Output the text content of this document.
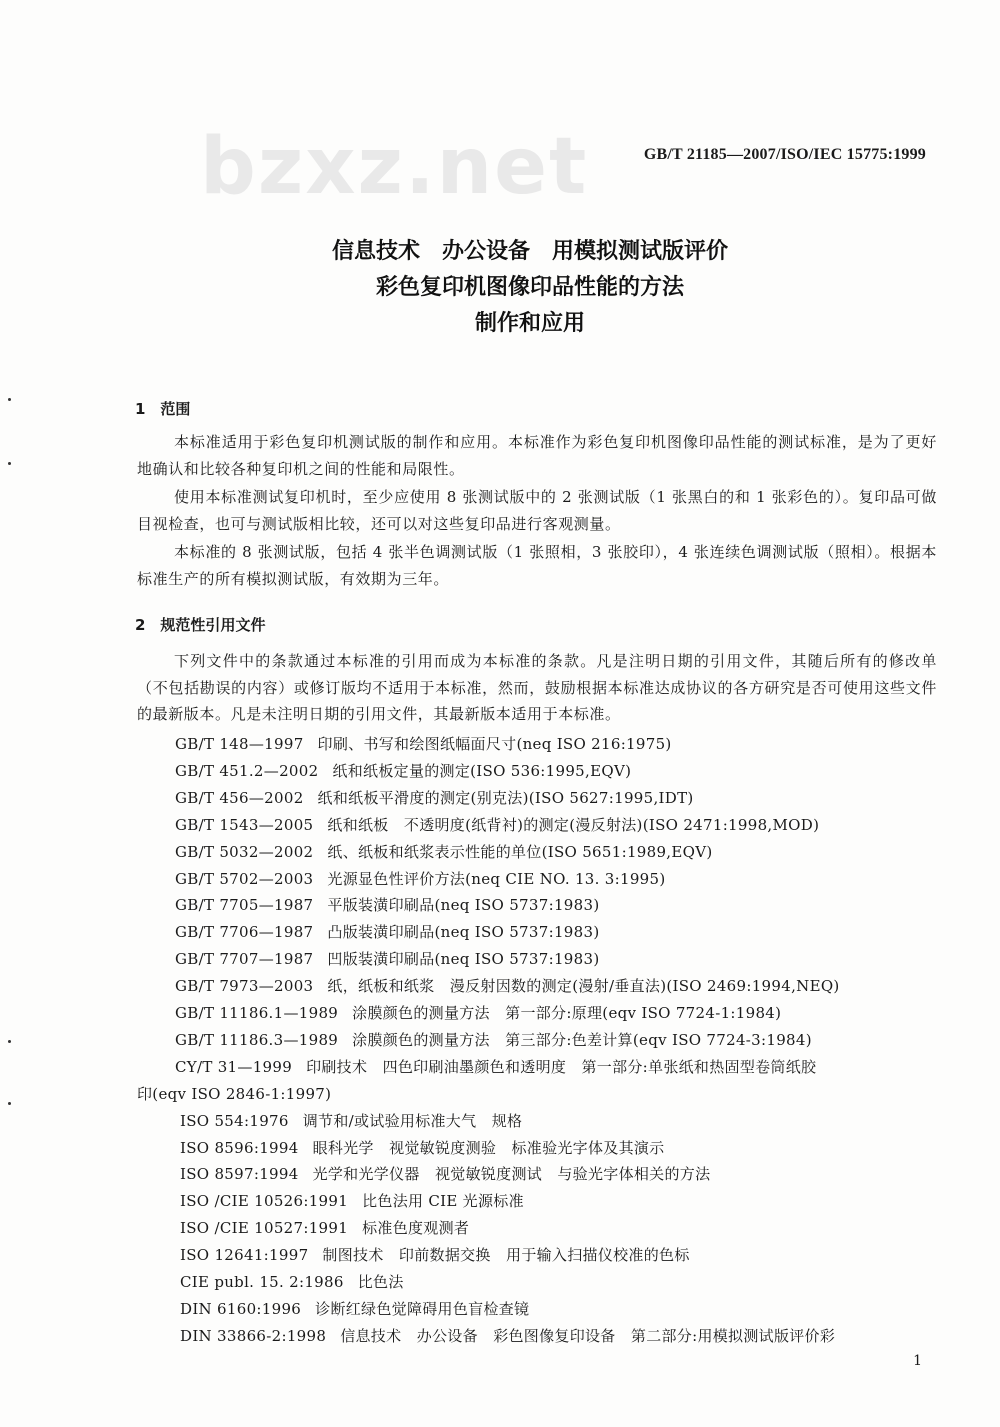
bzxz.net	GB/T 21185—2007/ISO/IEC 15775:1999
信息技术　办公设备　用模拟测试版评价
彩色复印机图像印品性能的方法
制作和应用
1　范围
本标准适用于彩色复印机测试版的制作和应用。本标准作为彩色复印机图像印品性能的测试标准，是为了更好地确认和比较各种复印机之间的性能和局限性。
使用本标准测试复印机时，至少应使用 8 张测试版中的 2 张测试版（1 张黑白的和 1 张彩色的）。复印品可做目视检查，也可与测试版相比较，还可以对这些复印品进行客观测量。
本标准的 8 张测试版，包括 4 张半色调测试版（1 张照相，3 张胶印），4 张连续色调测试版（照相）。根据本标准生产的所有模拟测试版，有效期为三年。
2　规范性引用文件
下列文件中的条款通过本标准的引用而成为本标准的条款。凡是注明日期的引用文件，其随后所有的修改单（不包括勘误的内容）或修订版均不适用于本标准，然而，鼓励根据本标准达成协议的各方研究是否可使用这些文件的最新版本。凡是未注明日期的引用文件，其最新版本适用于本标准。
GB/T 148—1997 印刷、书写和绘图纸幅面尺寸(neq ISO 216:1975)
GB/T 451.2—2002 纸和纸板定量的测定(ISO 536:1995,EQV)
GB/T 456—2002 纸和纸板平滑度的测定(别克法)(ISO 5627:1995,IDT)
GB/T 1543—2005 纸和纸板　不透明度(纸背衬)的测定(漫反射法)(ISO 2471:1998,MOD)
GB/T 5032—2002 纸、纸板和纸浆表示性能的单位(ISO 5651:1989,EQV)
GB/T 5702—2003 光源显色性评价方法(neq CIE NO. 13. 3:1995)
GB/T 7705—1987 平版装潢印刷品(neq ISO 5737:1983)
GB/T 7706—1987 凸版装潢印刷品(neq ISO 5737:1983)
GB/T 7707—1987 凹版装潢印刷品(neq ISO 5737:1983)
GB/T 7973—2003 纸，纸板和纸浆　漫反射因数的测定(漫射/垂直法)(ISO 2469:1994,NEQ)
GB/T 11186.1—1989 涂膜颜色的测量方法　第一部分:原理(eqv ISO 7724-1:1984)
GB/T 11186.3—1989 涂膜颜色的测量方法　第三部分:色差计算(eqv ISO 7724-3:1984)
CY/T 31—1999 印刷技术　四色印刷油墨颜色和透明度　第一部分:单张纸和热固型卷筒纸胶
印(eqv ISO 2846-1:1997)
ISO 554:1976 调节和/或试验用标准大气　规格
ISO 8596:1994 眼科光学　视觉敏锐度测验　标准验光字体及其演示
ISO 8597:1994 光学和光学仪器　视觉敏锐度测试　与验光字体相关的方法
ISO /CIE 10526:1991 比色法用 CIE 光源标准
ISO /CIE 10527:1991 标准色度观测者
ISO 12641:1997 制图技术　印前数据交换　用于输入扫描仪校准的色标
CIE publ. 15. 2:1986 比色法
DIN 6160:1996 诊断红绿色觉障碍用色盲检查镜
DIN 33866-2:1998 信息技术　办公设备　彩色图像复印设备　第二部分:用模拟测试版评价彩
1
